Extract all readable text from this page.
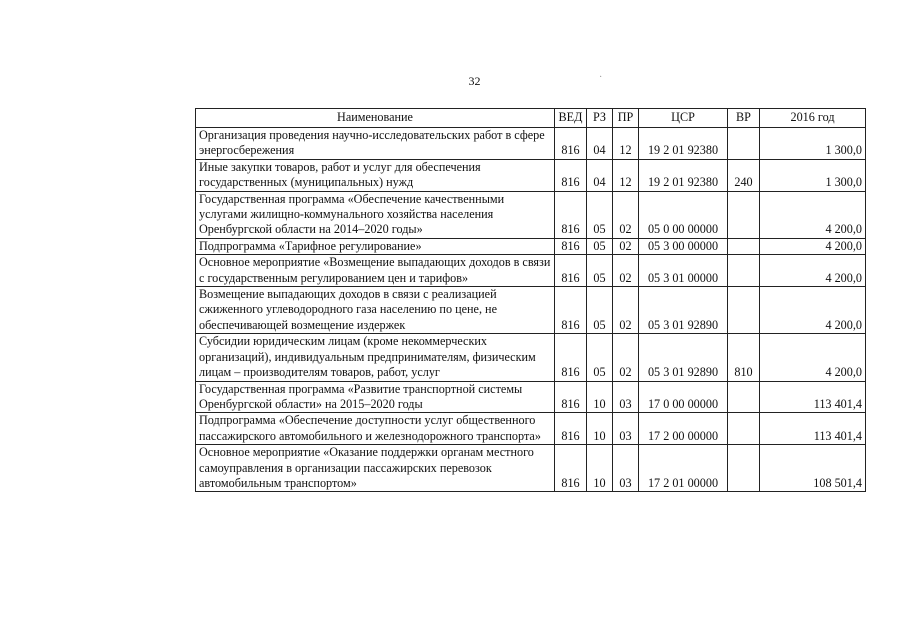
32	·
Наименование	ВЕД	РЗ	ПР	ЦСР	ВР	2016 год
Организация проведения научно-исследовательских работ в сфере энергосбережения	816	04	12	19 2 01 92380		1 300,0
Иные закупки товаров, работ и услуг для обеспечения государственных (муниципальных) нужд	816	04	12	19 2 01 92380	240	1 300,0
Государственная программа «Обеспечение качественными услугами жилищно-коммунального хозяйства населения Оренбургской области на 2014–2020 годы»	816	05	02	05 0 00 00000		4 200,0
Подпрограмма «Тарифное регулирование»	816	05	02	05 3 00 00000		4 200,0
Основное мероприятие «Возмещение выпадающих доходов в связи с государственным регулированием цен и тарифов»	816	05	02	05 3 01 00000		4 200,0
Возмещение выпадающих доходов в связи с реализацией сжиженного углеводородного газа населению по цене, не обеспечивающей возмещение издержек	816	05	02	05 3 01 92890		4 200,0
Субсидии юридическим лицам (кроме некоммерческих организаций), индивидуальным предпринимателям, физическим лицам – производителям товаров, работ, услуг	816	05	02	05 3 01 92890	810	4 200,0
Государственная программа «Развитие транспортной системы Оренбургской области» на 2015–2020 годы	816	10	03	17 0 00 00000		113 401,4
Подпрограмма «Обеспечение доступности услуг общественного пассажирского автомобильного и железнодорожного транспорта»	816	10	03	17 2 00 00000		113 401,4
Основное мероприятие «Оказание поддержки органам местного самоуправления в организации пассажирских перевозок автомобильным транспортом»	816	10	03	17 2 01 00000		108 501,4
